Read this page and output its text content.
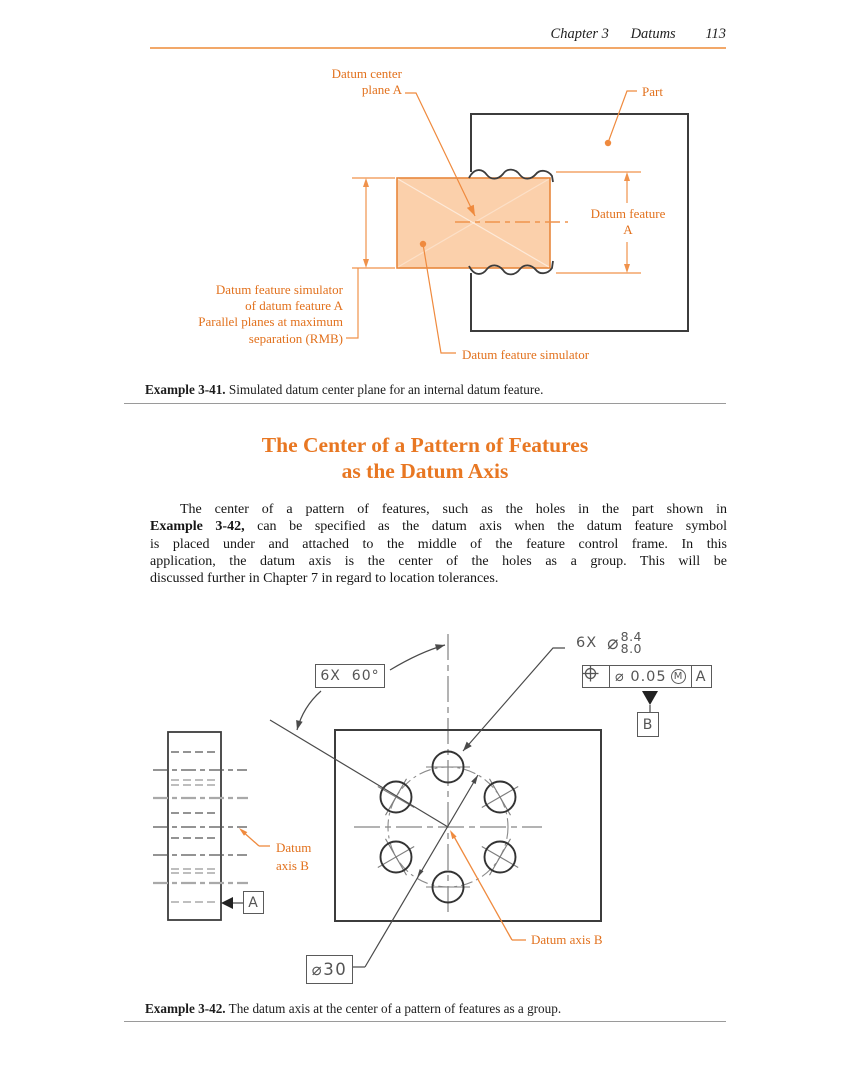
Chapter 3 Datums 113
Datum center
plane A	Part
Datum feature
A
Datum feature simulator
of datum feature A
Parallel planes at maximum
separation (RMB)
Datum feature simulator
Example 3-41. Simulated datum center plane for an internal datum feature.
The Center of a Pattern of Features
as the Datum Axis
The center of a pattern of features, such as the holes in the part shown in
Example 3-42, can be specified as the datum axis when the datum feature symbol
is placed under and attached to the middle of the feature control frame. In this
application, the datum axis is the center of the holes as a group. This will be
discussed further in Chapter 7 in regard to location tolerances.
6X  60°
6X ⌀ 8.4
8.0
⌀ 0.05 M A
B
A
⌀30
Datum
axis B
Datum axis B
Example 3-42. The datum axis at the center of a pattern of features as a group.
